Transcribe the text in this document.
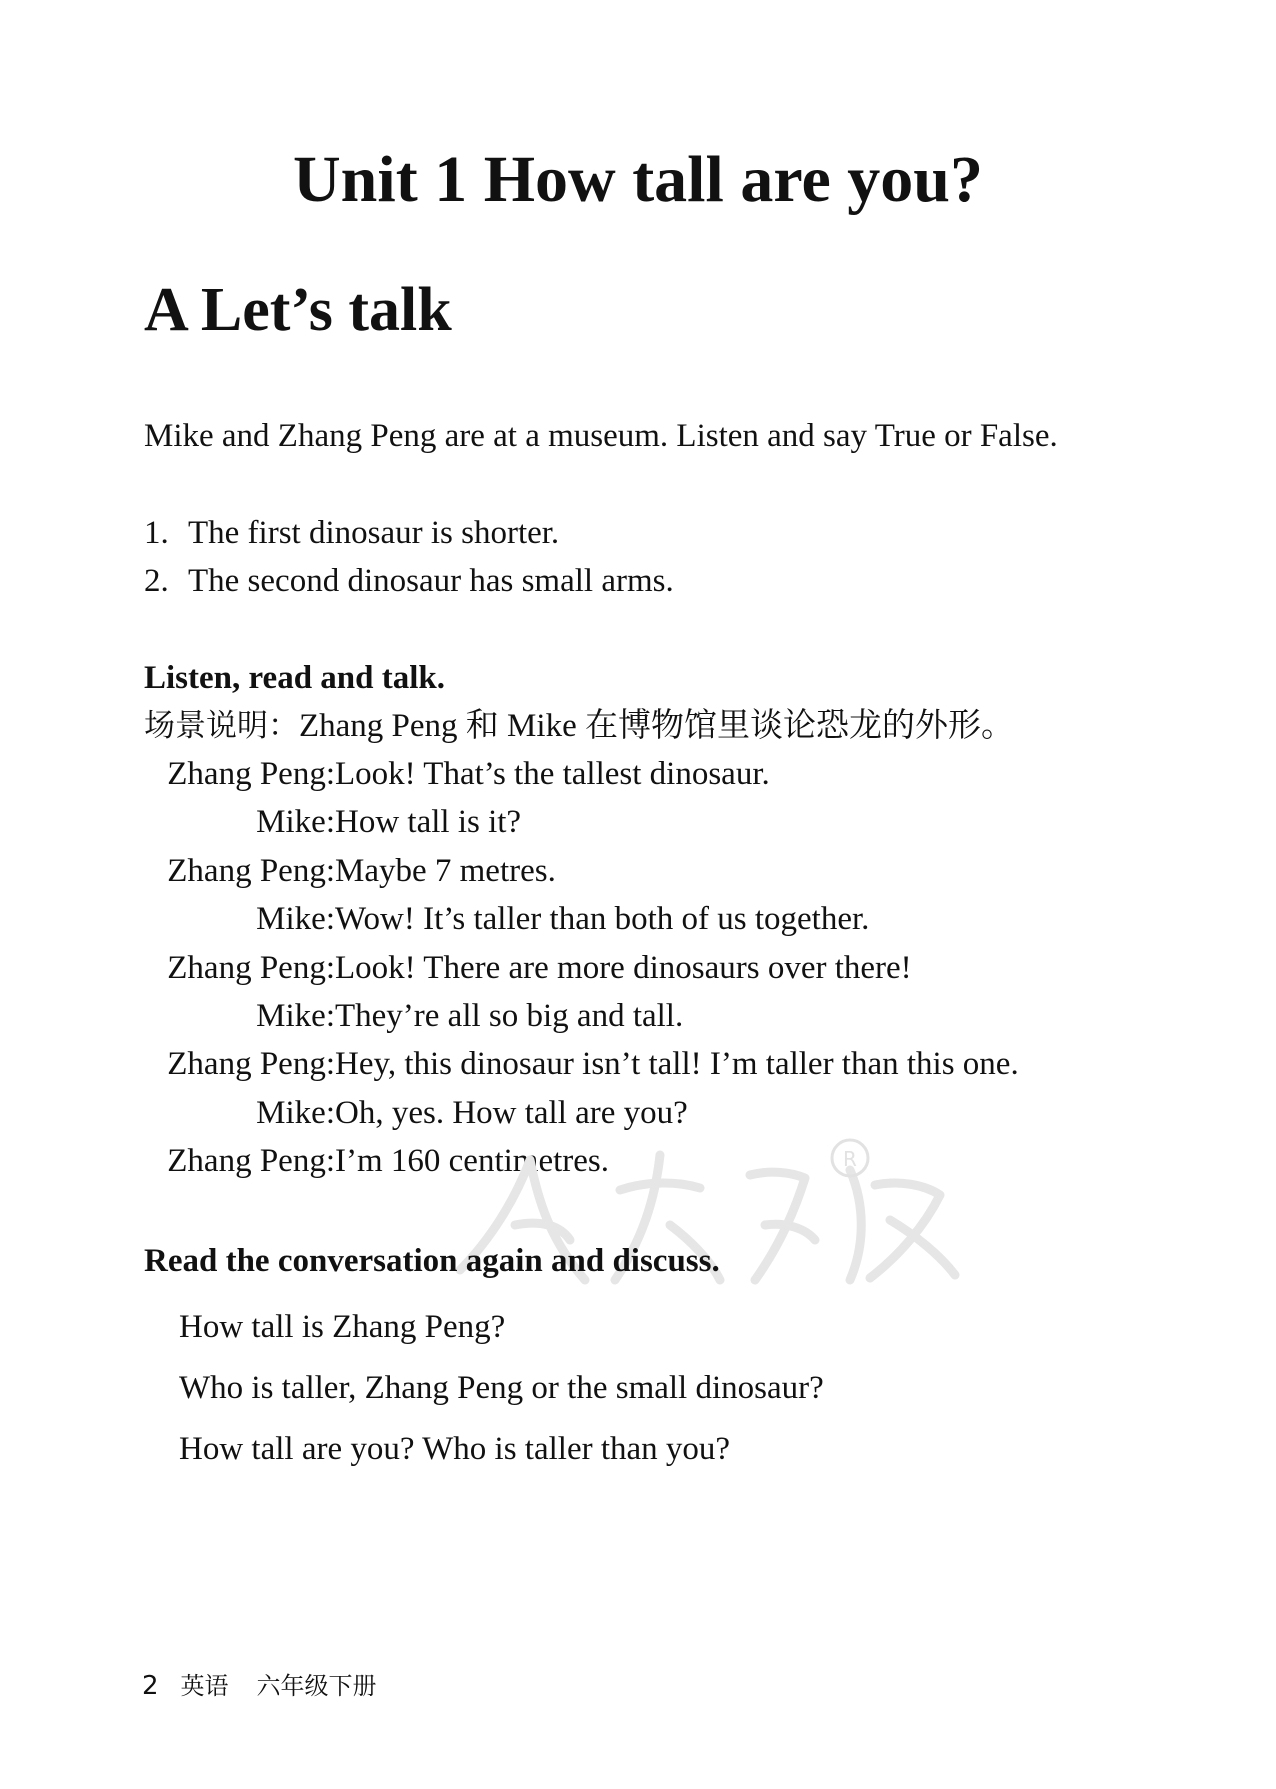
Unit 1 How tall are you?
A Let’s talk

Mike and Zhang Peng are at a museum. Listen and say True or False.

1. The first dinosaur is shorter.
2. The second dinosaur has small arms.
Listen, read and talk.
场景说明：Zhang Peng 和 Mike 在博物馆里谈论恐龙的外形。
Zhang Peng: Look! That’s the tallest dinosaur.
Mike: How tall is it?
Zhang Peng: Maybe 7 metres.
Mike: Wow! It’s taller than both of us together.
Zhang Peng: Look! There are more dinosaurs over there!
Mike: They’re all so big and tall.
Zhang Peng: Hey, this dinosaur isn’t tall! I’m taller than this one.
Mike: Oh, yes. How tall are you?
Zhang Peng: I’m 160 centimetres.	R
Read the conversation again and discuss.
How tall is Zhang Peng?
Who is taller, Zhang Peng or the small dinosaur?
How tall are you? Who is taller than you?
2 英语 六年级下册
